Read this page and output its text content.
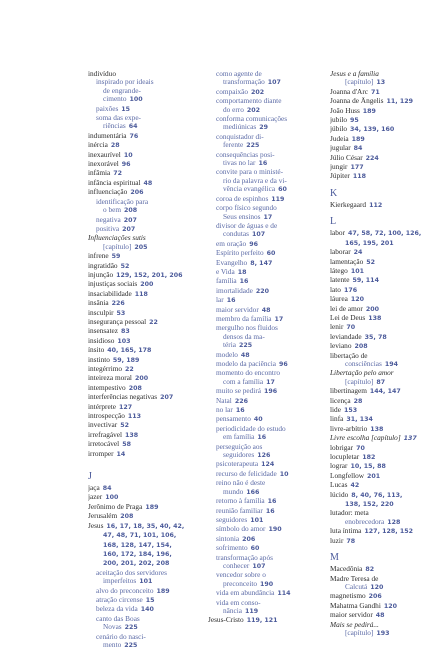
indivíduo
inspirado por ideais
de engrande-
cimento 100
paixões 15
soma das expe-
riências 64
indumentária 76
inércia 28
inexaurível 10
inexorável 96
infâmia 72
infância espiritual 48
influenciação 206
identificação para
o bem 208
negativa 207
positiva 207
Influenciações sutis
[capítulo] 205
infrene 59
ingratidão 52
injunção 129, 152, 201, 206
injustiças sociais 200
insaciabilidade 118
insânia 226
insculpir 53
insegurança pessoal 22
insensatez 83
insidioso 103
ínsito 40, 165, 178
instinto 59, 189
integérrimo 22
inteireza moral 200
intempestivo 208
interferências negativas 207
intérprete 127
introspecção 113
invectivar 52
irrefragável 138
irretocável 58
irromper 14
J
jaça 84
jazer 100
Jerônimo de Praga 189
Jerusalém 208
Jesus 16, 17, 18, 35, 40, 42,
47, 48, 71, 101, 106,
168, 128, 147, 154,
160, 172, 184, 196,
200, 201, 202, 208
aceitação dos servidores
imperfeitos 101
alvo do preconceito 189
atração circense 15
beleza da vida 140
canto das Boas
Novas 225
cenário do nasci-
mento 225
como agente de
transformação 107
compaixão 202
comportamento diante
do erro 202
conforma comunicações
mediúnicas 29
conquistador di-
ferente 225
consequências posi-
tivas no lar 16
convite para o ministé-
rio da palavra e da vi-
vência evangélica 60
coroa de espinhos 119
corpo físico segundo
Seus ensinos 17
divisor de águas e de
condutas 107
em oração 96
Espírito perfeito 60
Evangelho 8, 147
e Vida 18
família 16
imortalidade 220
lar 16
maior servidor 48
membro da família 17
mergulho nos fluidos
densos da ma-
téria 225
modelo 48
modelo da paciência 96
momento do encontro
com a família 17
muito se pedirá 196
Natal 226
no lar 16
pensamento 40
periodicidade do estudo
em família 16
perseguição aos
seguidores 126
psicoterapeuta 124
recurso de felicidade 10
reino não é deste
mundo 166
retorno à família 16
reunião familiar 16
seguidores 101
símbolo do amor 190
sintonia 206
sofrimento 60
transformação após
conhecer 107
vencedor sobre o
preconceito 190
vida em abundância 114
vida em conso-
nância 119
Jesus-Cristo 119, 121
Jesus e a família
[capítulo] 13
Joanna d'Arc 71
Joanna de Ângelis 11, 129
João Huss 189
jubilo 95
júbilo 34, 139, 160
Judeia 189
jugular 84
Júlio César 224
jungir 177
Júpiter 118
K
Kierkegaard 112
L
labor 47, 58, 72, 100, 126,
165, 195, 201
laborar 24
lamentação 52
látego 101
latente 59, 114
lato 176
láurea 120
lei de amor 200
Lei de Deus 138
lenir 70
leviandade 35, 78
leviano 208
libertação de
consciências 194
Libertação pelo amor
[capítulo] 87
libertinagem 144, 147
licença 28
lide 153
linfa 31, 134
livre-arbítrio 138
Livre escolha [capítulo] 137
lobrigar 70
locupletar 182
lograr 10, 15, 88
Longfellow 201
Lucas 42
lúcido 8, 40, 76, 113,
138, 152, 220
lutador: meta
enobrecedora 128
luta íntima 127, 128, 152
luzir 78
M
Macedônia 82
Madre Teresa de
Calcutá 120
magnetismo 206
Mahatma Gandhi 120
maior servidor 48
Mais se pedirá...
[capítulo] 193
